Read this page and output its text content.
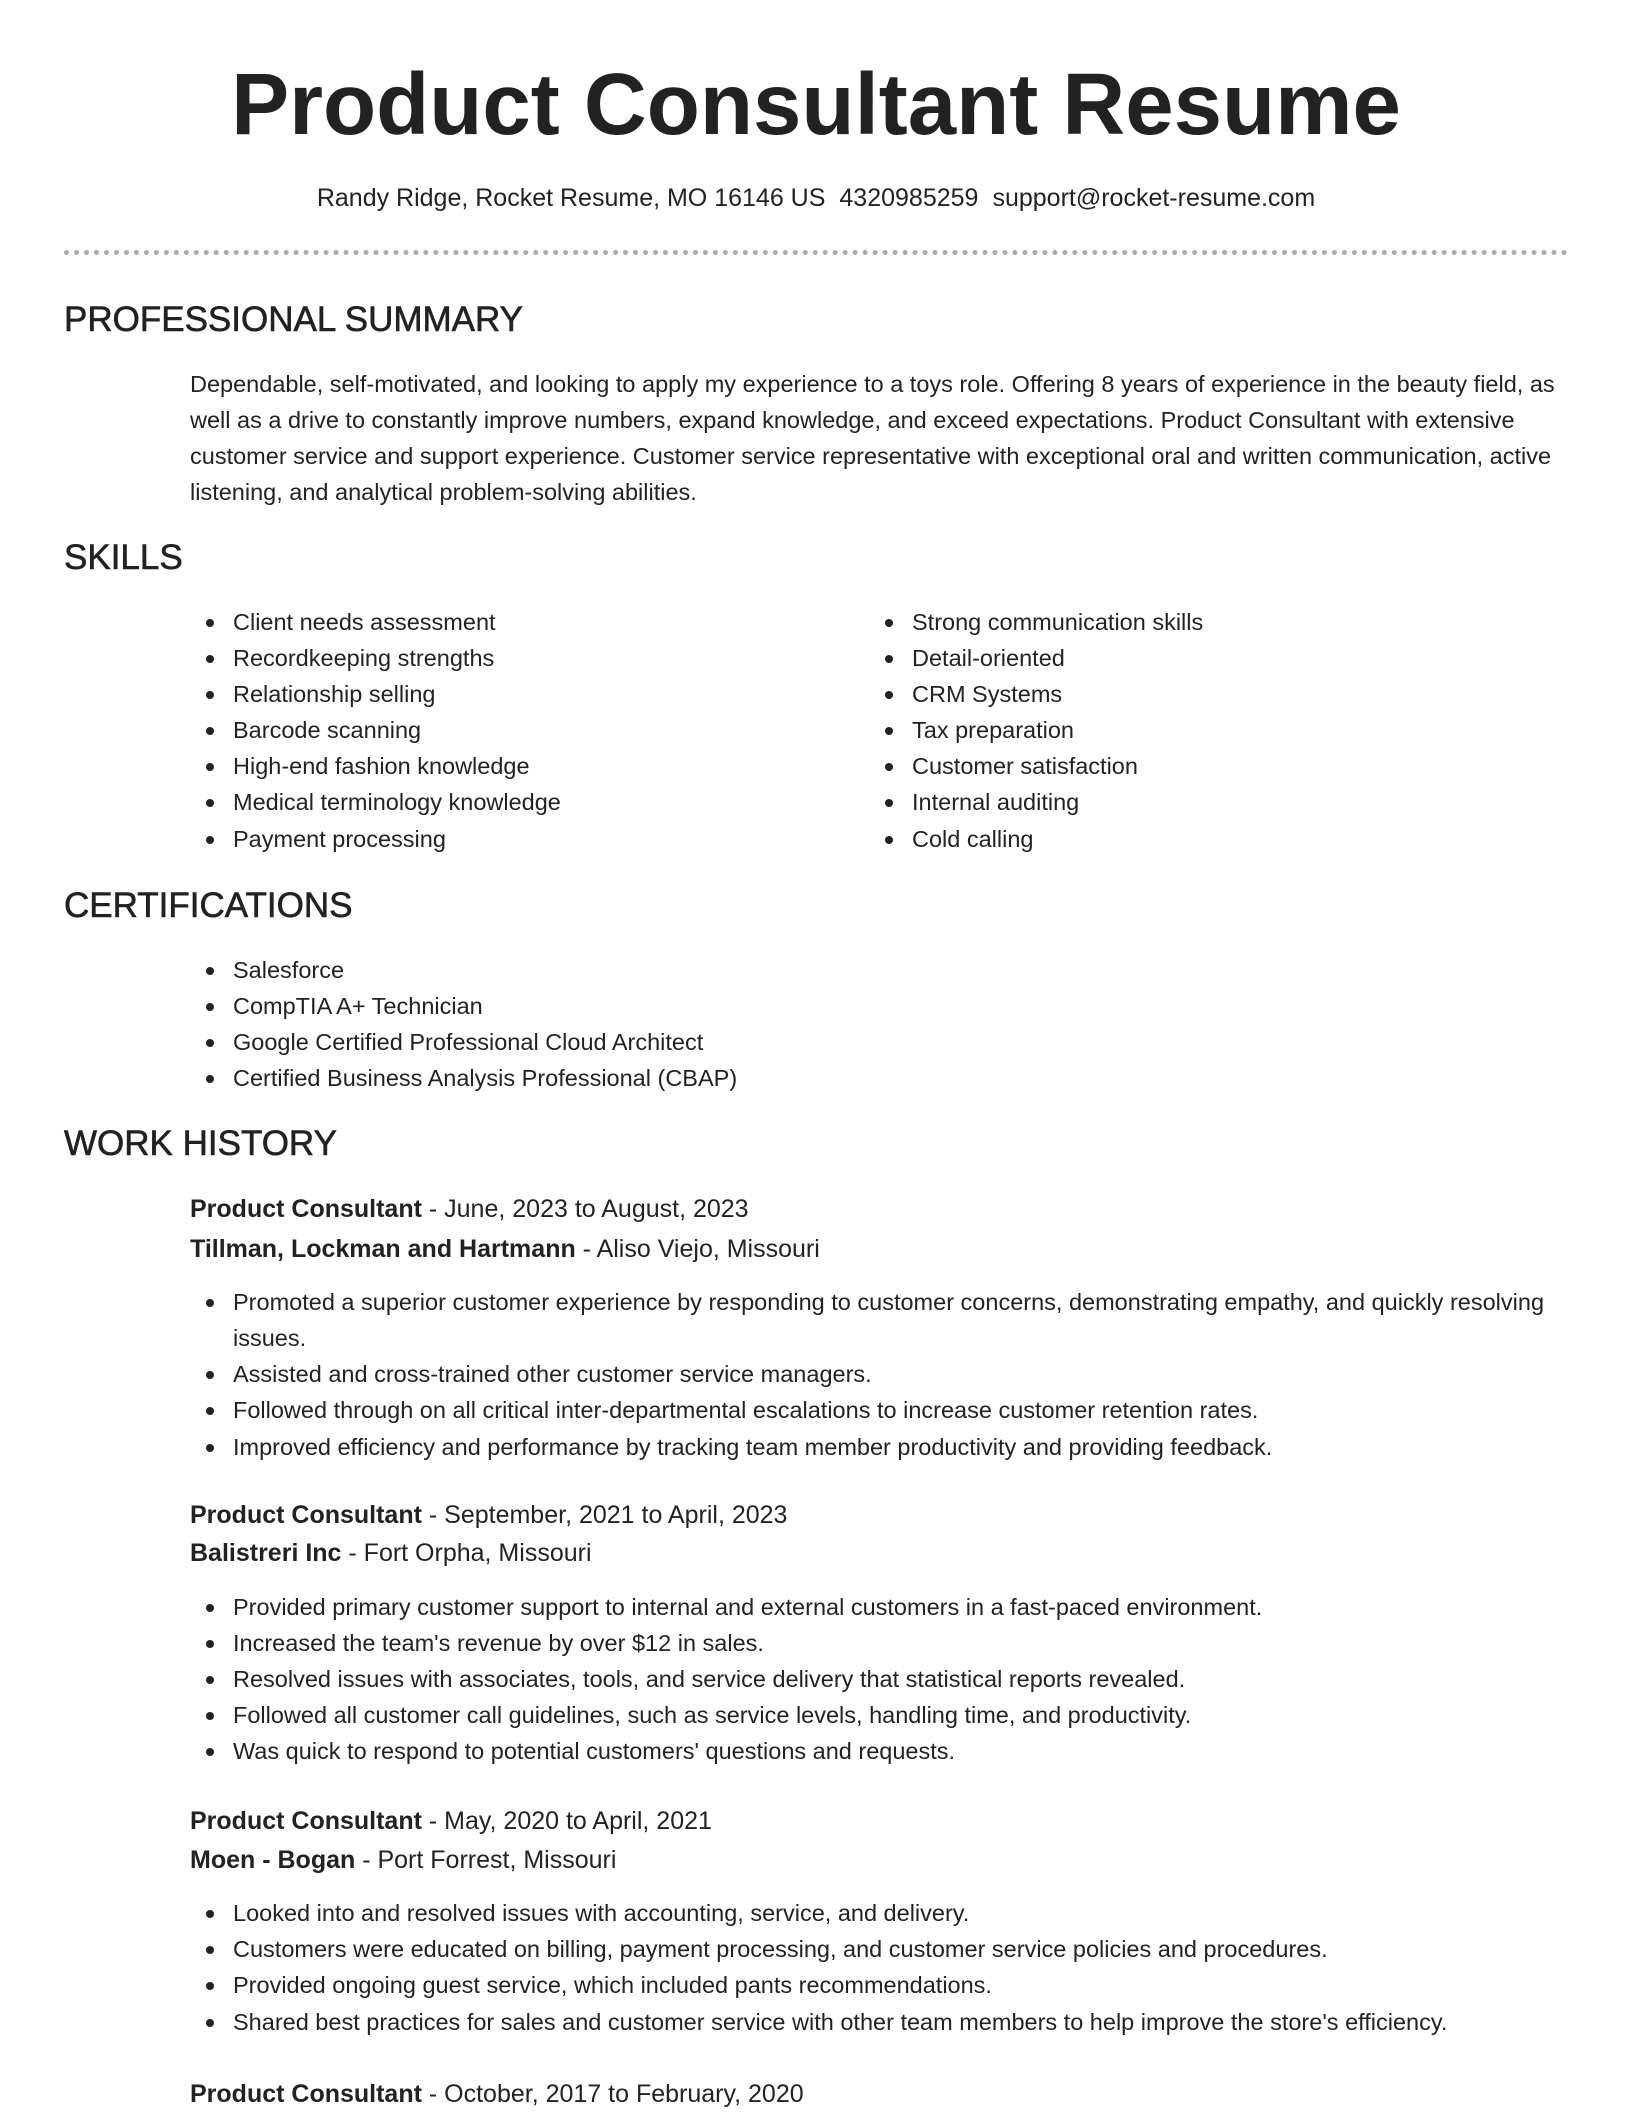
Product Consultant Resume
Randy Ridge, Rocket Resume, MO 16146 US 4320985259 support@rocket-resume.com
PROFESSIONAL SUMMARY
Dependable, self-motivated, and looking to apply my experience to a toys role. Offering 8 years of experience in the beauty field, as well as a drive to constantly improve numbers, expand knowledge, and exceed expectations. Product Consultant with extensive customer service and support experience. Customer service representative with exceptional oral and written communication, active listening, and analytical problem-solving abilities.
SKILLS
Client needs assessment
Recordkeeping strengths
Relationship selling
Barcode scanning
High-end fashion knowledge
Medical terminology knowledge
Payment processing
Strong communication skills
Detail-oriented
CRM Systems
Tax preparation
Customer satisfaction
Internal auditing
Cold calling
CERTIFICATIONS
Salesforce
CompTIA A+ Technician
Google Certified Professional Cloud Architect
Certified Business Analysis Professional (CBAP)
WORK HISTORY
Product Consultant - June, 2023 to August, 2023
Tillman, Lockman and Hartmann - Aliso Viejo, Missouri
Promoted a superior customer experience by responding to customer concerns, demonstrating empathy, and quickly resolving issues.
Assisted and cross-trained other customer service managers.
Followed through on all critical inter-departmental escalations to increase customer retention rates.
Improved efficiency and performance by tracking team member productivity and providing feedback.
Product Consultant - September, 2021 to April, 2023
Balistreri Inc - Fort Orpha, Missouri
Provided primary customer support to internal and external customers in a fast-paced environment.
Increased the team's revenue by over $12 in sales.
Resolved issues with associates, tools, and service delivery that statistical reports revealed.
Followed all customer call guidelines, such as service levels, handling time, and productivity.
Was quick to respond to potential customers' questions and requests.
Product Consultant - May, 2020 to April, 2021
Moen - Bogan - Port Forrest, Missouri
Looked into and resolved issues with accounting, service, and delivery.
Customers were educated on billing, payment processing, and customer service policies and procedures.
Provided ongoing guest service, which included pants recommendations.
Shared best practices for sales and customer service with other team members to help improve the store's efficiency.
Product Consultant - October, 2017 to February, 2020
